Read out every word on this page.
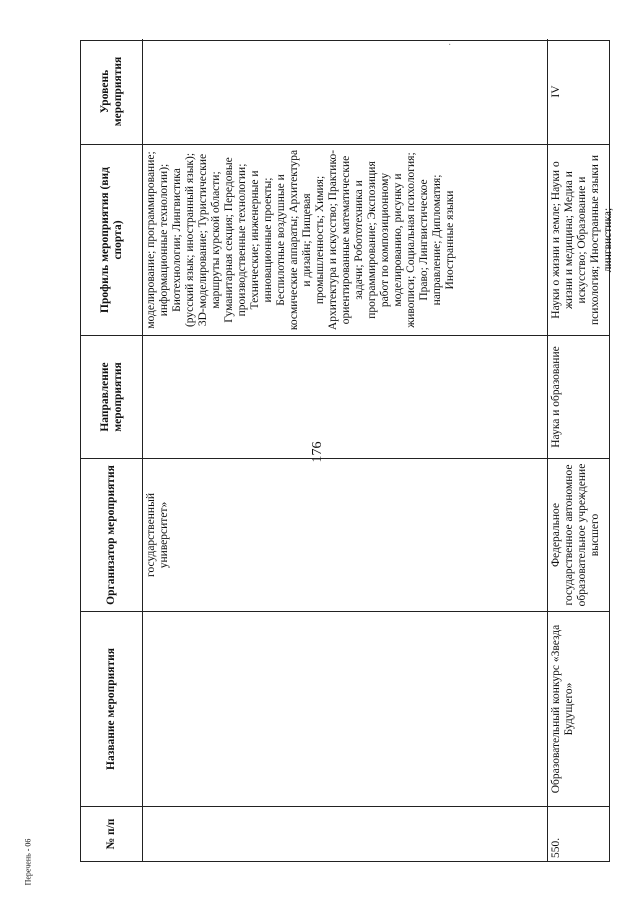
176
·
№ п/п
Название мероприятия
Организатор мероприятия
Направление мероприятия
Профиль мероприятия (вид спорта)
Уровень мероприятия
государственный университет»
моделирование; программирование; информационные технологии); Биотехнологии; Лингвистика (русский язык; иностранный язык); 3D-моделирование; Туристические маршруты курской области; Гуманитарная секция; Передовые производственные технологии; Технические; инженерные и инновационные проекты; Беспилотные воздушные и космические аппараты; Архитектура и дизайн; Пищевая промышленность; Химия; Архитектура и искусство; Практико-ориентированные математические задачи; Робототехника и программирование; Экспозиция работ по композиционному моделированию, рисунку и живописи; Социальная психология; Право; Лингвистическое направление; Дипломатия; Иностранные языки
550.
Образовательный конкурс «Звезда Будущего»
Федеральное государственное автономное образовательное учреждение высшего
Наука и образование
Науки о жизни и земле; Науки о жизни и медицина; Медиа и искусство; Образование и психология; Иностранные языки и лингвистика;
IV
Перечень - 06
